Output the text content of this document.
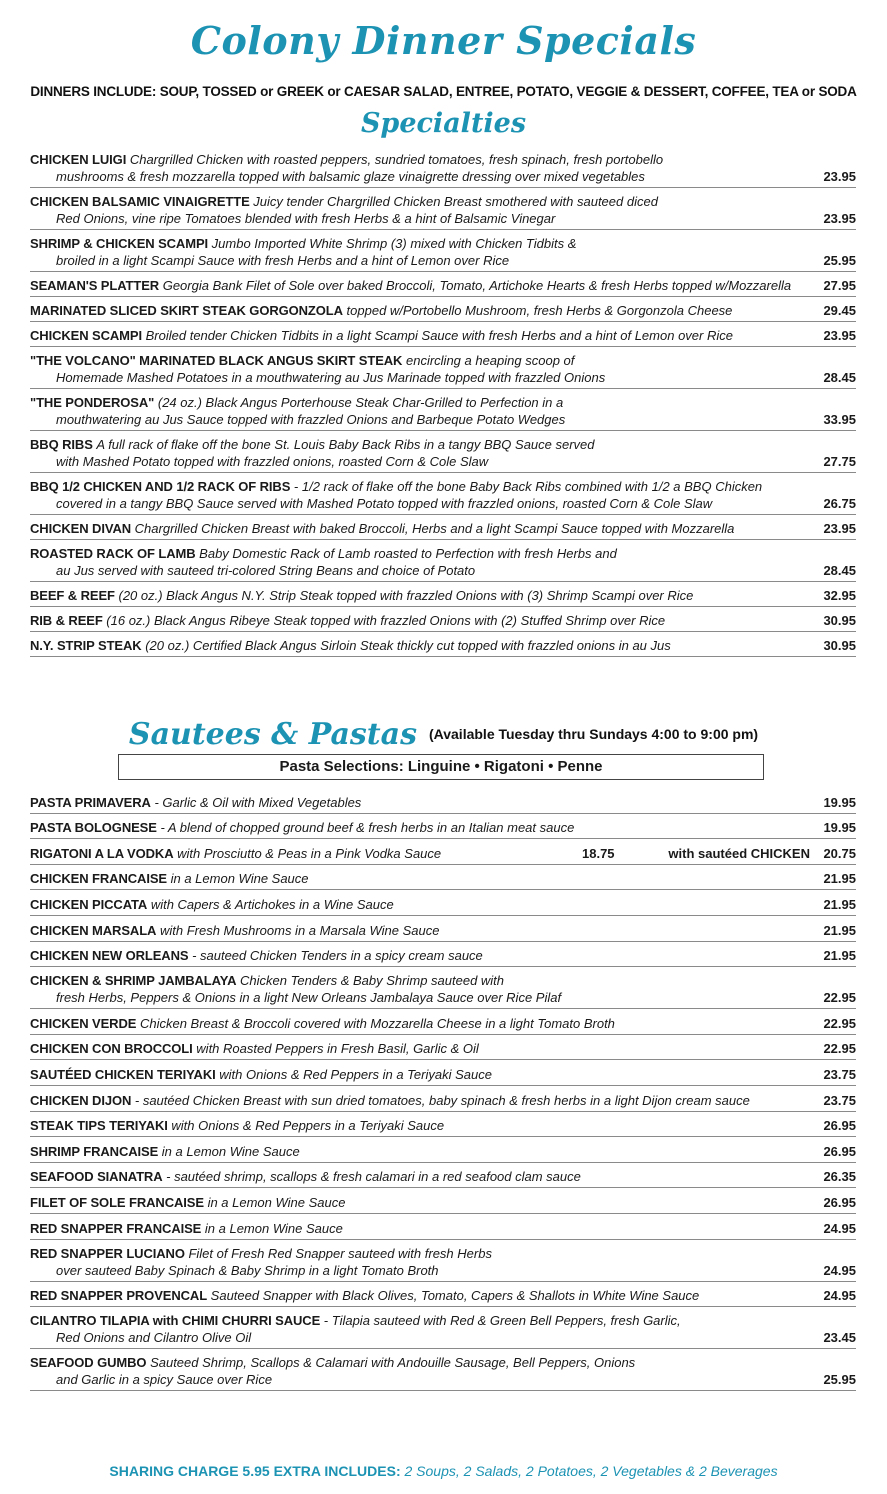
Colony Dinner Specials
DINNERS INCLUDE: SOUP, TOSSED or GREEK or CAESAR SALAD, ENTREE, POTATO, VEGGIE & DESSERT, COFFEE, TEA or SODA
Specialties
CHICKEN LUIGI Chargrilled Chicken with roasted peppers, sundried tomatoes, fresh spinach, fresh portobello
mushrooms & fresh mozzarella topped with balsamic glaze vinaigrette dressing over mixed vegetables	23.95
CHICKEN BALSAMIC VINAIGRETTE Juicy tender Chargrilled Chicken Breast smothered with sauteed diced
Red Onions, vine ripe Tomatoes blended with fresh Herbs & a hint of Balsamic Vinegar	23.95
SHRIMP & CHICKEN SCAMPI Jumbo Imported White Shrimp (3) mixed with Chicken Tidbits &
broiled in a light Scampi Sauce with fresh Herbs and a hint of Lemon over Rice	25.95
SEAMAN'S PLATTER Georgia Bank Filet of Sole over baked Broccoli, Tomato, Artichoke Hearts & fresh Herbs topped w/Mozzarella	27.95
MARINATED SLICED SKIRT STEAK GORGONZOLA topped w/Portobello Mushroom, fresh Herbs & Gorgonzola Cheese	29.45
CHICKEN SCAMPI Broiled tender Chicken Tidbits in a light Scampi Sauce with fresh Herbs and a hint of Lemon over Rice	23.95
"THE VOLCANO" MARINATED BLACK ANGUS SKIRT STEAK encircling a heaping scoop of
Homemade Mashed Potatoes in a mouthwatering au Jus Marinade topped with frazzled Onions	28.45
"THE PONDEROSA" (24 oz.) Black Angus Porterhouse Steak Char-Grilled to Perfection in a
mouthwatering au Jus Sauce topped with frazzled Onions and Barbeque Potato Wedges	33.95
BBQ RIBS A full rack of flake off the bone St. Louis Baby Back Ribs in a tangy BBQ Sauce served
with Mashed Potato topped with frazzled onions, roasted Corn & Cole Slaw	27.75
BBQ 1/2 CHICKEN AND 1/2 RACK OF RIBS - 1/2 rack of flake off the bone Baby Back Ribs combined with 1/2 a BBQ Chicken
covered in a tangy BBQ Sauce served with Mashed Potato topped with frazzled onions, roasted Corn & Cole Slaw	26.75
CHICKEN DIVAN Chargrilled Chicken Breast with baked Broccoli, Herbs and a light Scampi Sauce topped with Mozzarella	23.95
ROASTED RACK OF LAMB Baby Domestic Rack of Lamb roasted to Perfection with fresh Herbs and
au Jus served with sauteed tri-colored String Beans and choice of Potato	28.45
BEEF & REEF (20 oz.) Black Angus N.Y. Strip Steak topped with frazzled Onions with (3) Shrimp Scampi over Rice	32.95
RIB & REEF (16 oz.) Black Angus Ribeye Steak topped with frazzled Onions with (2) Stuffed Shrimp over Rice	30.95
N.Y. STRIP STEAK (20 oz.) Certified Black Angus Sirloin Steak thickly cut topped with frazzled onions in au Jus	30.95
Sautees & Pastas (Available Tuesday thru Sundays 4:00 to 9:00 pm)
Pasta Selections: Linguine • Rigatoni • Penne
PASTA PRIMAVERA - Garlic & Oil with Mixed Vegetables	19.95
PASTA BOLOGNESE - A blend of chopped ground beef & fresh herbs in an Italian meat sauce	19.95
RIGATONI A LA VODKA with Prosciutto & Peas in a Pink Vodka Sauce	18.75	with sautéed CHICKEN	20.75
CHICKEN FRANCAISE in a Lemon Wine Sauce	21.95
CHICKEN PICCATA with Capers & Artichokes in a Wine Sauce	21.95
CHICKEN MARSALA with Fresh Mushrooms in a Marsala Wine Sauce	21.95
CHICKEN NEW ORLEANS - sauteed Chicken Tenders in a spicy cream sauce	21.95
CHICKEN & SHRIMP JAMBALAYA Chicken Tenders & Baby Shrimp sauteed with
fresh Herbs, Peppers & Onions in a light New Orleans Jambalaya Sauce over Rice Pilaf	22.95
CHICKEN VERDE Chicken Breast & Broccoli covered with Mozzarella Cheese in a light Tomato Broth	22.95
CHICKEN CON BROCCOLI with Roasted Peppers in Fresh Basil, Garlic & Oil	22.95
SAUTÉED CHICKEN TERIYAKI with Onions & Red Peppers in a Teriyaki Sauce	23.75
CHICKEN DIJON - sautéed Chicken Breast with sun dried tomatoes, baby spinach & fresh herbs in a light Dijon cream sauce	23.75
STEAK TIPS TERIYAKI with Onions & Red Peppers in a Teriyaki Sauce	26.95
SHRIMP FRANCAISE in a Lemon Wine Sauce	26.95
SEAFOOD SIANATRA - sautéed shrimp, scallops & fresh calamari in a red seafood clam sauce	26.35
FILET OF SOLE FRANCAISE in a Lemon Wine Sauce	26.95
RED SNAPPER FRANCAISE in a Lemon Wine Sauce	24.95
RED SNAPPER LUCIANO Filet of Fresh Red Snapper sauteed with fresh Herbs
over sauteed Baby Spinach & Baby Shrimp in a light Tomato Broth	24.95
RED SNAPPER PROVENCAL Sauteed Snapper with Black Olives, Tomato, Capers & Shallots in White Wine Sauce	24.95
CILANTRO TILAPIA with CHIMI CHURRI SAUCE - Tilapia sauteed with Red & Green Bell Peppers, fresh Garlic,
Red Onions and Cilantro Olive Oil	23.45
SEAFOOD GUMBO Sauteed Shrimp, Scallops & Calamari with Andouille Sausage, Bell Peppers, Onions
and Garlic in a spicy Sauce over Rice	25.95
SHARING CHARGE 5.95 EXTRA INCLUDES: 2 Soups, 2 Salads, 2 Potatoes, 2 Vegetables & 2 Beverages
